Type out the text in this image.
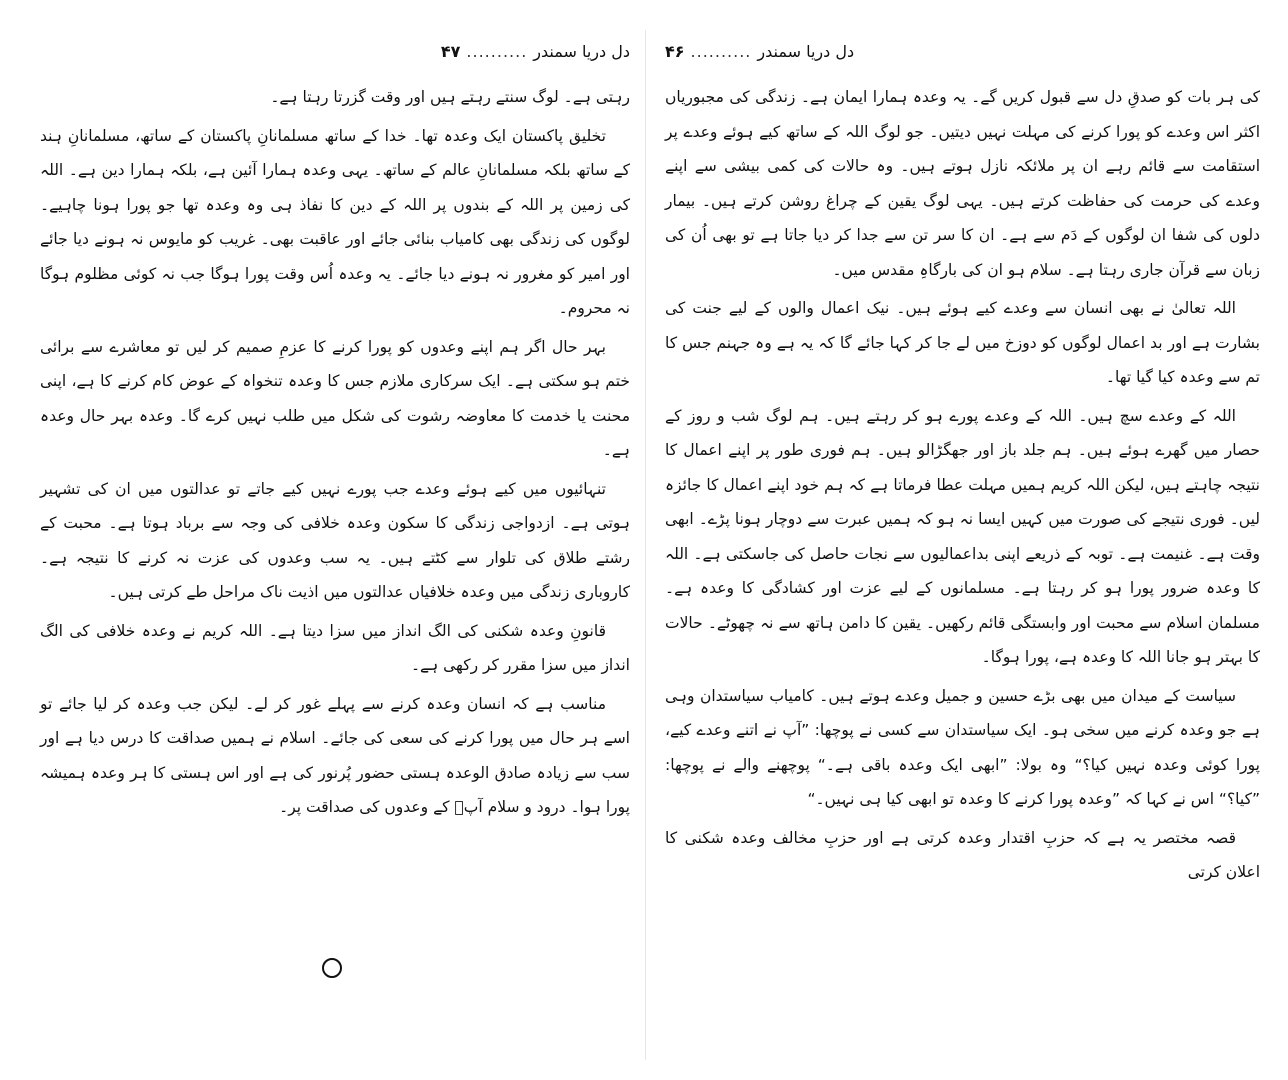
دل دریا سمندر
..........
۴۷

رہتی ہے۔ لوگ سنتے رہتے ہیں اور وقت گزرتا رہتا ہے۔

تخلیق پاکستان ایک وعدہ تھا۔ خدا کے ساتھ مسلمانانِ پاکستان کے ساتھ، مسلمانانِ ہند کے ساتھ بلکہ مسلمانانِ عالم کے ساتھ۔ یہی وعدہ ہمارا آئین ہے، بلکہ ہمارا دین ہے۔ اللہ کی زمین پر اللہ کے بندوں پر اللہ کے دین کا نفاذ ہی وہ وعدہ تھا جو پورا ہونا چاہیے۔ لوگوں کی زندگی بھی کامیاب بنائی جائے اور عاقبت بھی۔ غریب کو مایوس نہ ہونے دیا جائے اور امیر کو مغرور نہ ہونے دیا جائے۔ یہ وعدہ اُس وقت پورا ہوگا جب نہ کوئی مظلوم ہوگا نہ محروم۔

بہر حال اگر ہم اپنے وعدوں کو پورا کرنے کا عزمِ صمیم کر لیں تو معاشرے سے برائی ختم ہو سکتی ہے۔ ایک سرکاری ملازم جس کا وعدہ تنخواہ کے عوض کام کرنے کا ہے، اپنی محنت یا خدمت کا معاوضہ رشوت کی شکل میں طلب نہیں کرے گا۔ وعدہ بہر حال وعدہ ہے۔

تنہائیوں میں کیے ہوئے وعدے جب پورے نہیں کیے جاتے تو عدالتوں میں ان کی تشہیر ہوتی ہے۔ ازدواجی زندگی کا سکون وعدہ خلافی کی وجہ سے برباد ہوتا ہے۔ محبت کے رشتے طلاق کی تلوار سے کٹتے ہیں۔ یہ سب وعدوں کی عزت نہ کرنے کا نتیجہ ہے۔ کاروباری زندگی میں وعدہ خلافیاں عدالتوں میں اذیت ناک مراحل طے کرتی ہیں۔

قانونِ وعدہ شکنی کی الگ انداز میں سزا دیتا ہے۔ اللہ کریم نے وعدہ خلافی کی الگ انداز میں سزا مقرر کر رکھی ہے۔

مناسب ہے کہ انسان وعدہ کرنے سے پہلے غور کر لے۔ لیکن جب وعدہ کر لیا جائے تو اسے ہر حال میں پورا کرنے کی سعی کی جائے۔ اسلام نے ہمیں صداقت کا درس دیا ہے اور سب سے زیادہ صادق الوعدہ ہستی حضور پُرنور کی ہے اور اس ہستی کا ہر وعدہ ہمیشہ پورا ہوا۔ درود و سلام آپؐ کے وعدوں کی صداقت پر۔

دل دریا سمندر
..........
۴۶

کی ہر بات کو صدقِ دل سے قبول کریں گے۔ یہ وعدہ ہمارا ایمان ہے۔ زندگی کی مجبوریاں اکثر اس وعدے کو پورا کرنے کی مہلت نہیں دیتیں۔ جو لوگ اللہ کے ساتھ کیے ہوئے وعدے پر استقامت سے قائم رہے ان پر ملائکہ نازل ہوتے ہیں۔ وہ حالات کی کمی بیشی سے اپنے وعدے کی حرمت کی حفاظت کرتے ہیں۔ یہی لوگ یقین کے چراغ روشن کرتے ہیں۔ بیمار دلوں کی شفا ان لوگوں کے دَم سے ہے۔ ان کا سر تن سے جدا کر دیا جاتا ہے تو بھی اُن کی زبان سے قرآن جاری رہتا ہے۔ سلام ہو ان کی بارگاہِ مقدس میں۔

اللہ تعالیٰ نے بھی انسان سے وعدے کیے ہوئے ہیں۔ نیک اعمال والوں کے لیے جنت کی بشارت ہے اور بد اعمال لوگوں کو دوزخ میں لے جا کر کہا جائے گا کہ یہ ہے وہ جہنم جس کا تم سے وعدہ کیا گیا تھا۔

اللہ کے وعدے سچ ہیں۔ اللہ کے وعدے پورے ہو کر رہتے ہیں۔ ہم لوگ شب و روز کے حصار میں گھرے ہوئے ہیں۔ ہم جلد باز اور جھگڑالو ہیں۔ ہم فوری طور پر اپنے اعمال کا نتیجہ چاہتے ہیں، لیکن اللہ کریم ہمیں مہلت عطا فرماتا ہے کہ ہم خود اپنے اعمال کا جائزہ لیں۔ فوری نتیجے کی صورت میں کہیں ایسا نہ ہو کہ ہمیں عبرت سے دوچار ہونا پڑے۔ ابھی وقت ہے۔ غنیمت ہے۔ توبہ کے ذریعے اپنی بداعمالیوں سے نجات حاصل کی جاسکتی ہے۔ اللہ کا وعدہ ضرور پورا ہو کر رہتا ہے۔ مسلمانوں کے لیے عزت اور کشادگی کا وعدہ ہے۔ مسلمان اسلام سے محبت اور وابستگی قائم رکھیں۔ یقین کا دامن ہاتھ سے نہ چھوٹے۔ حالات کا بہتر ہو جانا اللہ کا وعدہ ہے، پورا ہوگا۔

سیاست کے میدان میں بھی بڑے حسین و جمیل وعدے ہوتے ہیں۔ کامیاب سیاستدان وہی ہے جو وعدہ کرنے میں سخی ہو۔ ایک سیاستدان سے کسی نے پوچھا: ”آپ نے اتنے وعدے کیے، پورا کوئی وعدہ نہیں کیا؟“ وہ بولا: ”ابھی ایک وعدہ باقی ہے۔“ پوچھنے والے نے پوچھا: ”کیا؟“ اس نے کہا کہ ”وعدہ پورا کرنے کا وعدہ تو ابھی کیا ہی نہیں۔“

قصہ مختصر یہ ہے کہ حزبِ اقتدار وعدہ کرتی ہے اور حزبِ مخالف وعدہ شکنی کا اعلان کرتی
